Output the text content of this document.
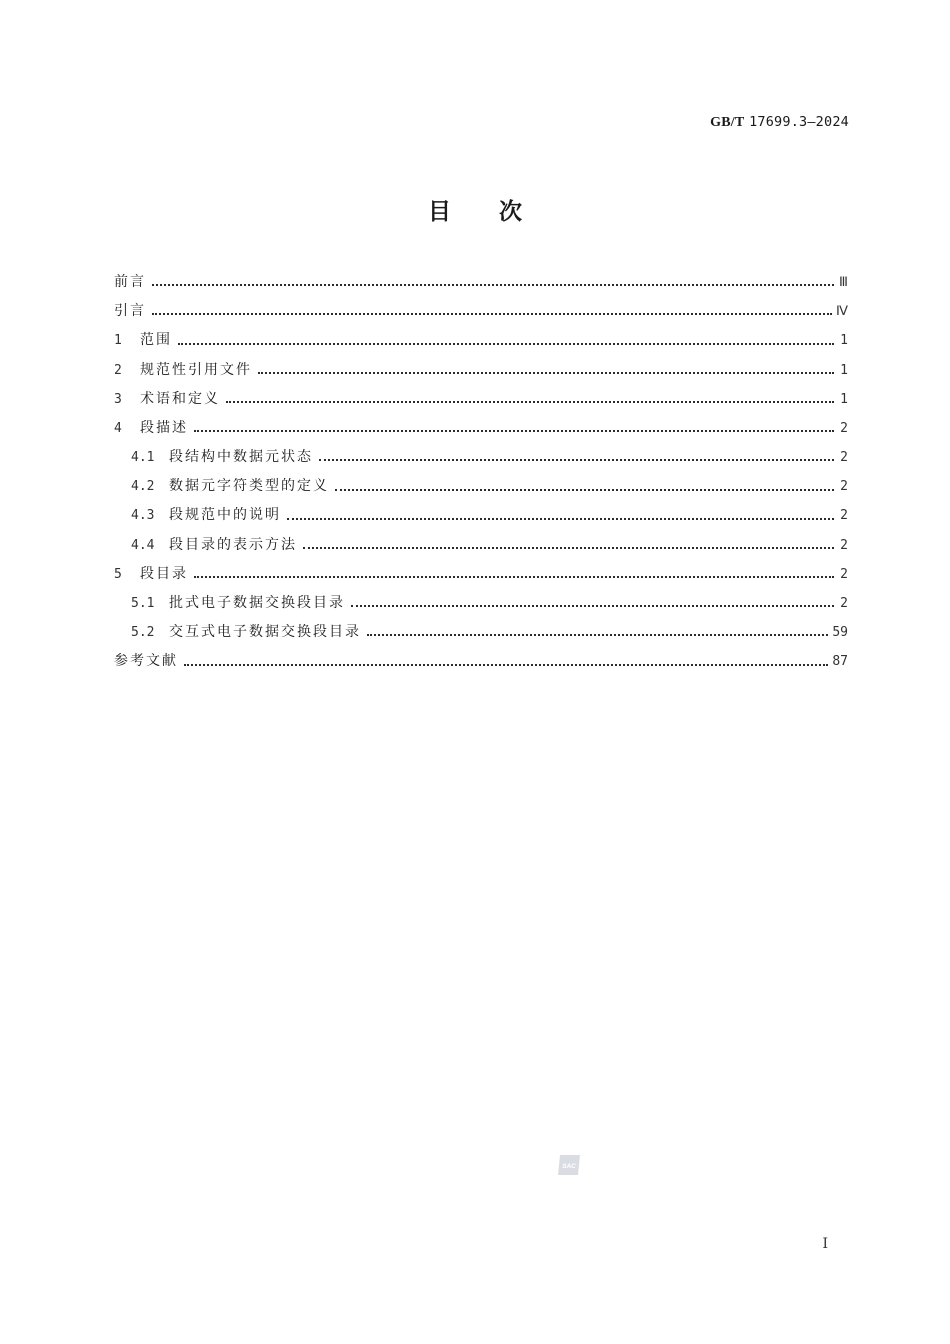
GB/T 17699.3—2024
目次
前言	Ⅲ
引言	Ⅳ
1	范围	1
2	规范性引用文件	1
3	术语和定义	1
4	段描述	2
4.1	段结构中数据元状态	2
4.2	数据元字符类型的定义	2
4.3	段规范中的说明	2
4.4	段目录的表示方法	2
5	段目录	2
5.1	批式电子数据交换段目录	2
5.2	交互式电子数据交换段目录	59
参考文献	87
SAC
Ⅰ
